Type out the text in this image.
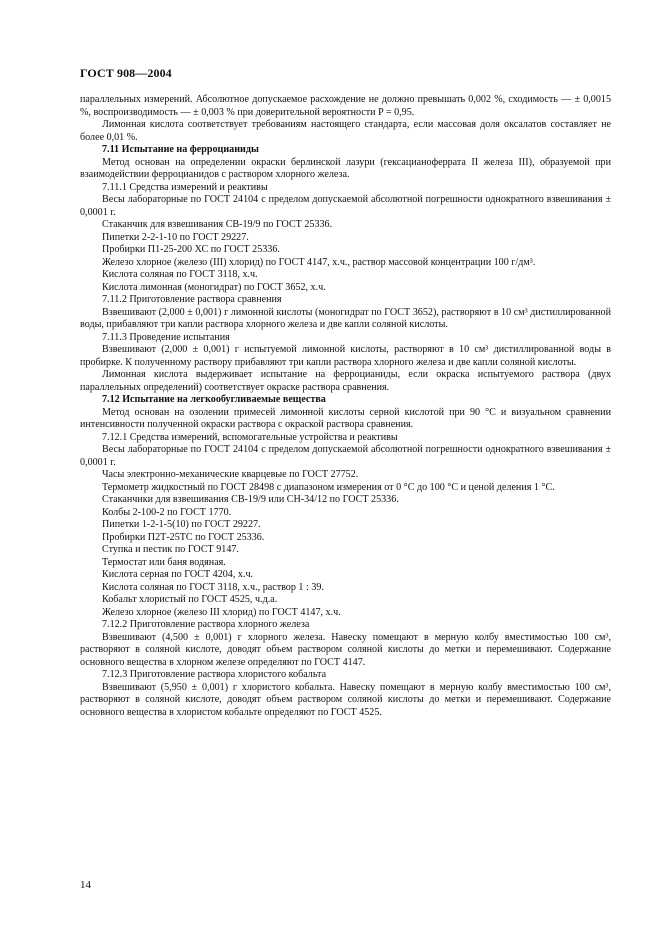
ГОСТ 908—2004

параллельных измерений. Абсолютное допускаемое расхождение не должно превышать 0,002 %, сходимость — ± 0,0015 %, воспроизводимость — ± 0,003 % при доверительной вероятности P = 0,95.

Лимонная кислота соответствует требованиям настоящего стандарта, если массовая доля оксалатов составляет не более 0,01 %.

7.11 Испытание на ферроцианиды

Метод основан на определении окраски берлинской лазури (гексацианоферрата II железа III), образуемой при взаимодействии ферроцианидов с раствором хлорного железа.

7.11.1 Средства измерений и реактивы

Весы лабораторные по ГОСТ 24104 с пределом допускаемой абсолютной погрешности однократного взвешивания ± 0,0001 г.

Стаканчик для взвешивания СВ-19/9 по ГОСТ 25336.

Пипетки 2-2-1-10 по ГОСТ 29227.

Пробирки П1-25-200 ХС по ГОСТ 25336.

Железо хлорное (железо (III) хлорид) по ГОСТ 4147, х.ч., раствор массовой концентрации 100 г/дм³.

Кислота соляная по ГОСТ 3118, х.ч.

Кислота лимонная (моногидрат) по ГОСТ 3652, х.ч.

7.11.2 Приготовление раствора сравнения

Взвешивают (2,000 ± 0,001) г лимонной кислоты (моногидрат по ГОСТ 3652), растворяют в 10 см³ дистиллированной воды, прибавляют три капли раствора хлорного железа и две капли соляной кислоты.

7.11.3 Проведение испытания

Взвешивают (2,000 ± 0,001) г испытуемой лимонной кислоты, растворяют в 10 см³ дистиллированной воды в пробирке. К полученному раствору прибавляют три капли раствора хлорного железа и две капли соляной кислоты.

Лимонная кислота выдерживает испытание на ферроцианиды, если окраска испытуемого раствора (двух параллельных определений) соответствует окраске раствора сравнения.

7.12 Испытание на легкообугливаемые вещества

Метод основан на озолении примесей лимонной кислоты серной кислотой при 90 °С и визуальном сравнении интенсивности полученной окраски раствора с окраской раствора сравнения.

7.12.1 Средства измерений, вспомогательные устройства и реактивы

Весы лабораторные по ГОСТ 24104 с пределом допускаемой абсолютной погрешности однократного взвешивания ± 0,0001 г.

Часы электронно-механические кварцевые по ГОСТ 27752.

Термометр жидкостный по ГОСТ 28498 с диапазоном измерения от 0 °С до 100 °С и ценой деления 1 °С.

Стаканчики для взвешивания СВ-19/9 или СН-34/12 по ГОСТ 25336.

Колбы 2-100-2 по ГОСТ 1770.

Пипетки 1-2-1-5(10) по ГОСТ 29227.

Пробирки П2Т-25ТС по ГОСТ 25336.

Ступка и пестик по ГОСТ 9147.

Термостат или баня водяная.

Кислота серная по ГОСТ 4204, х.ч.

Кислота соляная по ГОСТ 3118, х.ч., раствор 1 : 39.

Кобальт хлористый по ГОСТ 4525, ч.д.а.

Железо хлорное (железо III хлорид) по ГОСТ 4147, х.ч.

7.12.2 Приготовление раствора хлорного железа

Взвешивают (4,500 ± 0,001) г хлорного железа. Навеску помещают в мерную колбу вместимостью 100 см³, растворяют в соляной кислоте, доводят объем раствором соляной кислоты до метки и перемешивают. Содержание основного вещества в хлорном железе определяют по ГОСТ 4147.

7.12.3 Приготовление раствора хлористого кобальта

Взвешивают (5,950 ± 0,001) г хлористого кобальта. Навеску помещают в мерную колбу вместимостью 100 см³, растворяют в соляной кислоте, доводят объем раствором соляной кислоты до метки и перемешивают. Содержание основного вещества в хлористом кобальте определяют по ГОСТ 4525.

14
